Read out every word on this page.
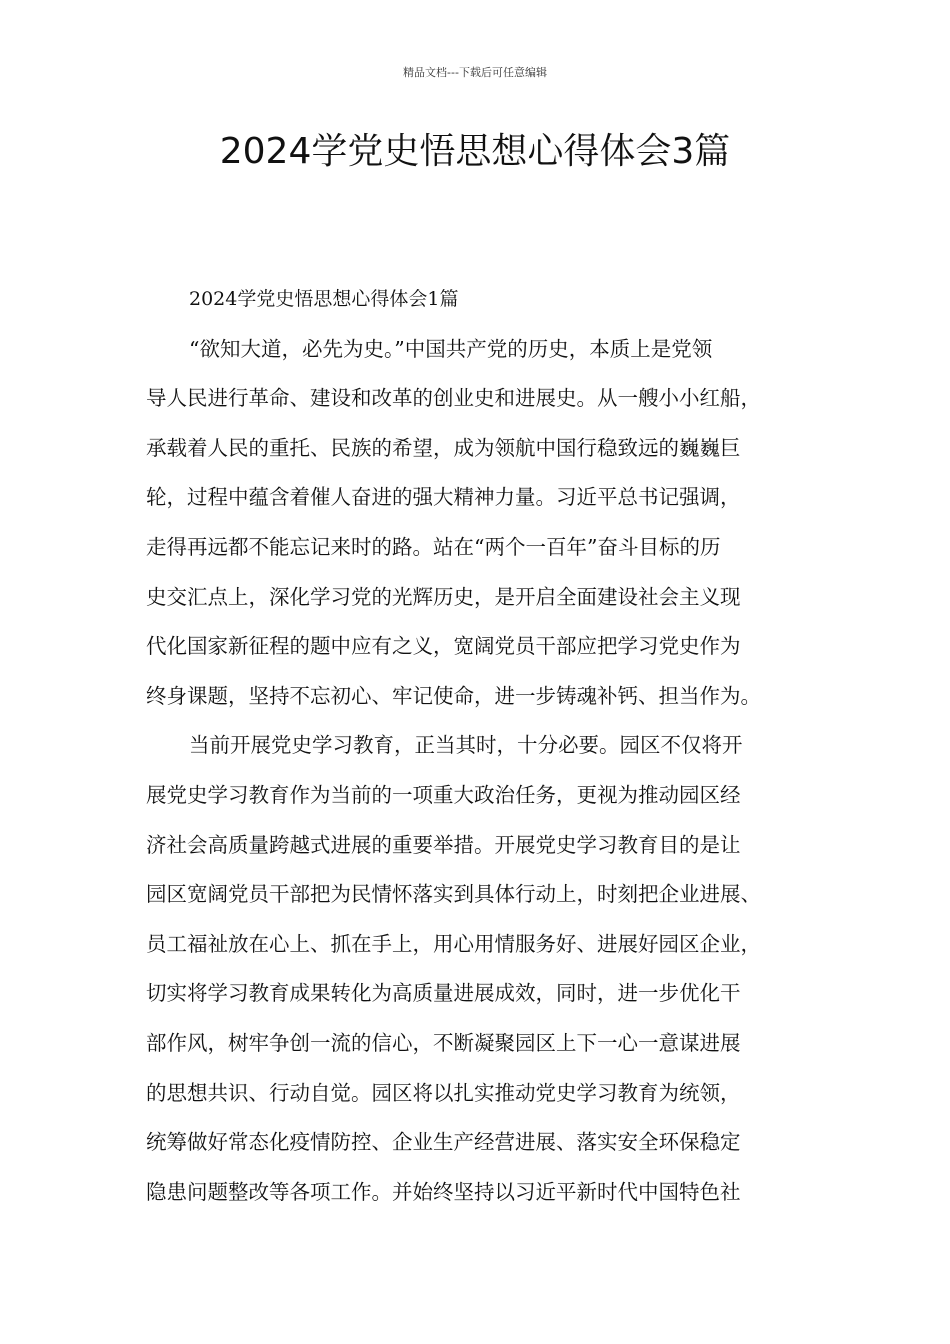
精品文档---下载后可任意编辑
2024学党史悟思想心得体会3篇
2024学党史悟思想心得体会1篇
“欲知大道，必先为史。”中国共产党的历史，本质上是党领
导人民进行革命、建设和改革的创业史和进展史。从一艘小小红船，
承载着人民的重托、民族的希望，成为领航中国行稳致远的巍巍巨
轮，过程中蕴含着催人奋进的强大精神力量。习近平总书记强调，
走得再远都不能忘记来时的路。站在“两个一百年”奋斗目标的历
史交汇点上，深化学习党的光辉历史，是开启全面建设社会主义现
代化国家新征程的题中应有之义，宽阔党员干部应把学习党史作为
终身课题，坚持不忘初心、牢记使命，进一步铸魂补钙、担当作为。
当前开展党史学习教育，正当其时，十分必要。园区不仅将开
展党史学习教育作为当前的一项重大政治任务，更视为推动园区经
济社会高质量跨越式进展的重要举措。开展党史学习教育目的是让
园区宽阔党员干部把为民情怀落实到具体行动上，时刻把企业进展、
员工福祉放在心上、抓在手上，用心用情服务好、进展好园区企业，
切实将学习教育成果转化为高质量进展成效，同时，进一步优化干
部作风，树牢争创一流的信心，不断凝聚园区上下一心一意谋进展
的思想共识、行动自觉。园区将以扎实推动党史学习教育为统领，
统筹做好常态化疫情防控、企业生产经营进展、落实安全环保稳定
隐患问题整改等各项工作。并始终坚持以习近平新时代中国特色社
